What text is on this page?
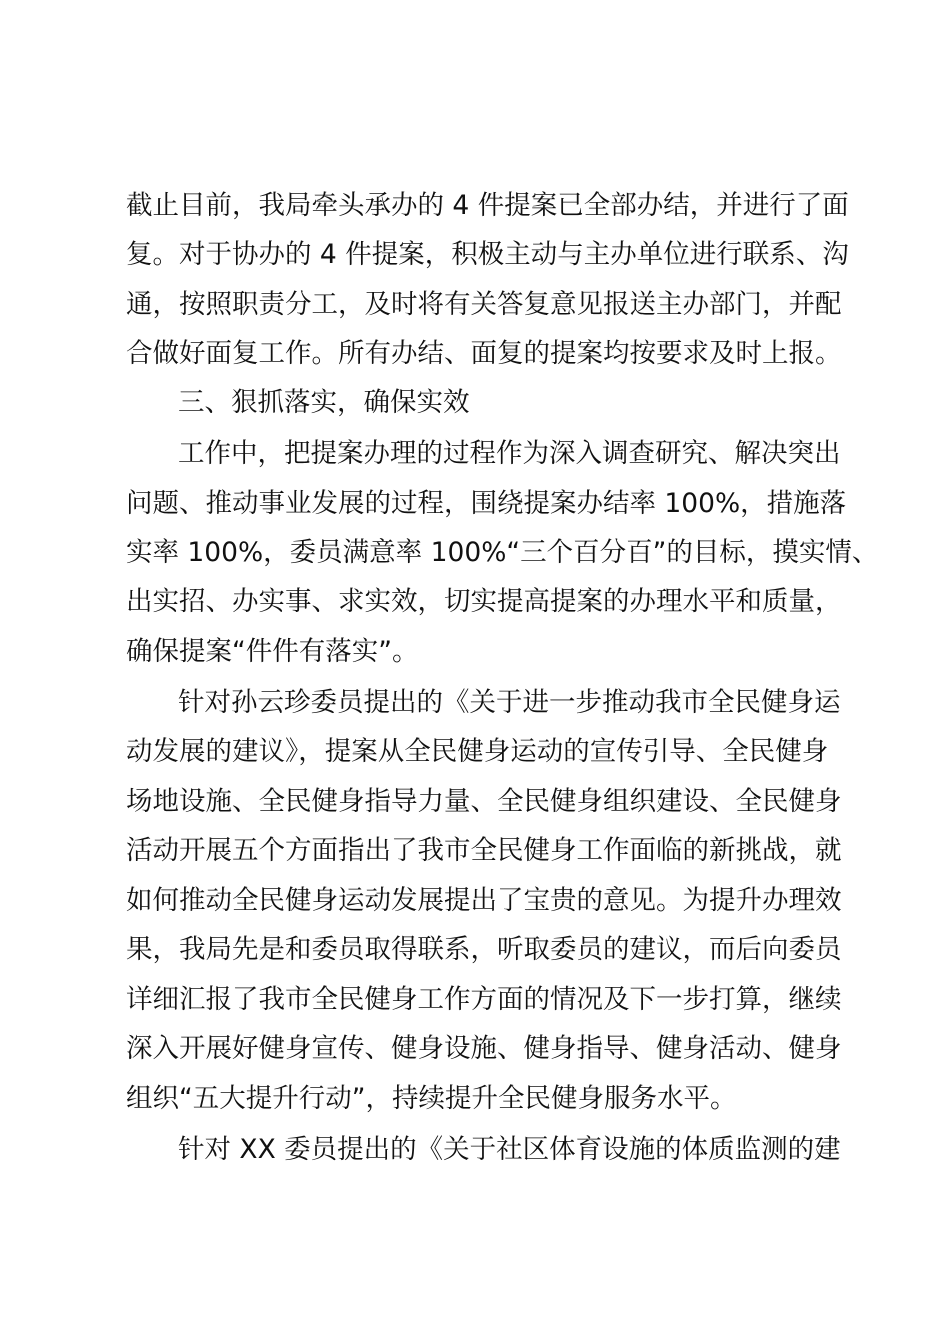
截止目前，我局牵头承办的 4 件提案已全部办结，并进行了面
复。对于协办的 4 件提案，积极主动与主办单位进行联系、沟
通，按照职责分工，及时将有关答复意见报送主办部门，并配
合做好面复工作。所有办结、面复的提案均按要求及时上报。
三、狠抓落实，确保实效
工作中，把提案办理的过程作为深入调查研究、解决突出
问题、推动事业发展的过程，围绕提案办结率 100%，措施落
实率 100%，委员满意率 100%“三个百分百”的目标，摸实情、
出实招、办实事、求实效，切实提高提案的办理水平和质量，
确保提案“件件有落实”。
针对孙云珍委员提出的《关于进一步推动我市全民健身运
动发展的建议》，提案从全民健身运动的宣传引导、全民健身
场地设施、全民健身指导力量、全民健身组织建设、全民健身
活动开展五个方面指出了我市全民健身工作面临的新挑战，就
如何推动全民健身运动发展提出了宝贵的意见。为提升办理效
果，我局先是和委员取得联系，听取委员的建议，而后向委员
详细汇报了我市全民健身工作方面的情况及下一步打算，继续
深入开展好健身宣传、健身设施、健身指导、健身活动、健身
组织“五大提升行动”，持续提升全民健身服务水平。
针对 XX 委员提出的《关于社区体育设施的体质监测的建
